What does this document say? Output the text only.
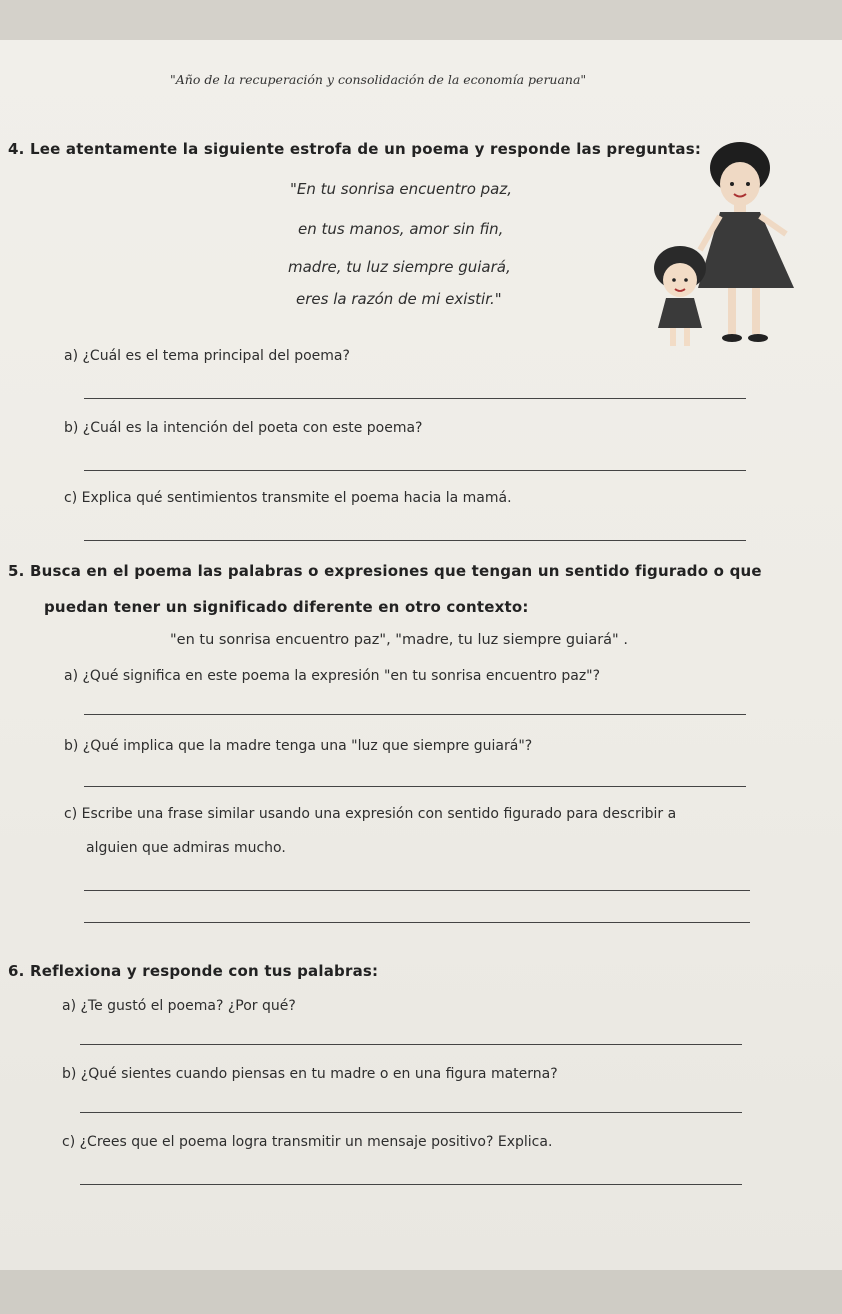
"Año de la recuperación y consolidación de la economía peruana"
4. Lee atentamente la siguiente estrofa de un poema y responde las preguntas:
"En tu sonrisa encuentro paz,
en tus manos, amor sin fin,
madre, tu luz siempre guiará,
eres la razón de mi existir."
a) ¿Cuál es el tema principal del poema?
b) ¿Cuál es la intención del poeta con este poema?
c) Explica qué sentimientos transmite el poema hacia la mamá.
5. Busca en el poema las palabras o expresiones que tengan un sentido figurado o que
puedan tener un significado diferente en otro contexto:
"en tu sonrisa encuentro paz", "madre, tu luz siempre guiará" .
a) ¿Qué significa en este poema la expresión "en tu sonrisa encuentro paz"?
b) ¿Qué implica que la madre tenga una "luz que siempre guiará"?
c) Escribe una frase similar usando una expresión con sentido figurado para describir a
alguien que admiras mucho.
6. Reflexiona y responde con tus palabras:
a) ¿Te gustó el poema? ¿Por qué?
b) ¿Qué sientes cuando piensas en tu madre o en una figura materna?
c) ¿Crees que el poema logra transmitir un mensaje positivo? Explica.
